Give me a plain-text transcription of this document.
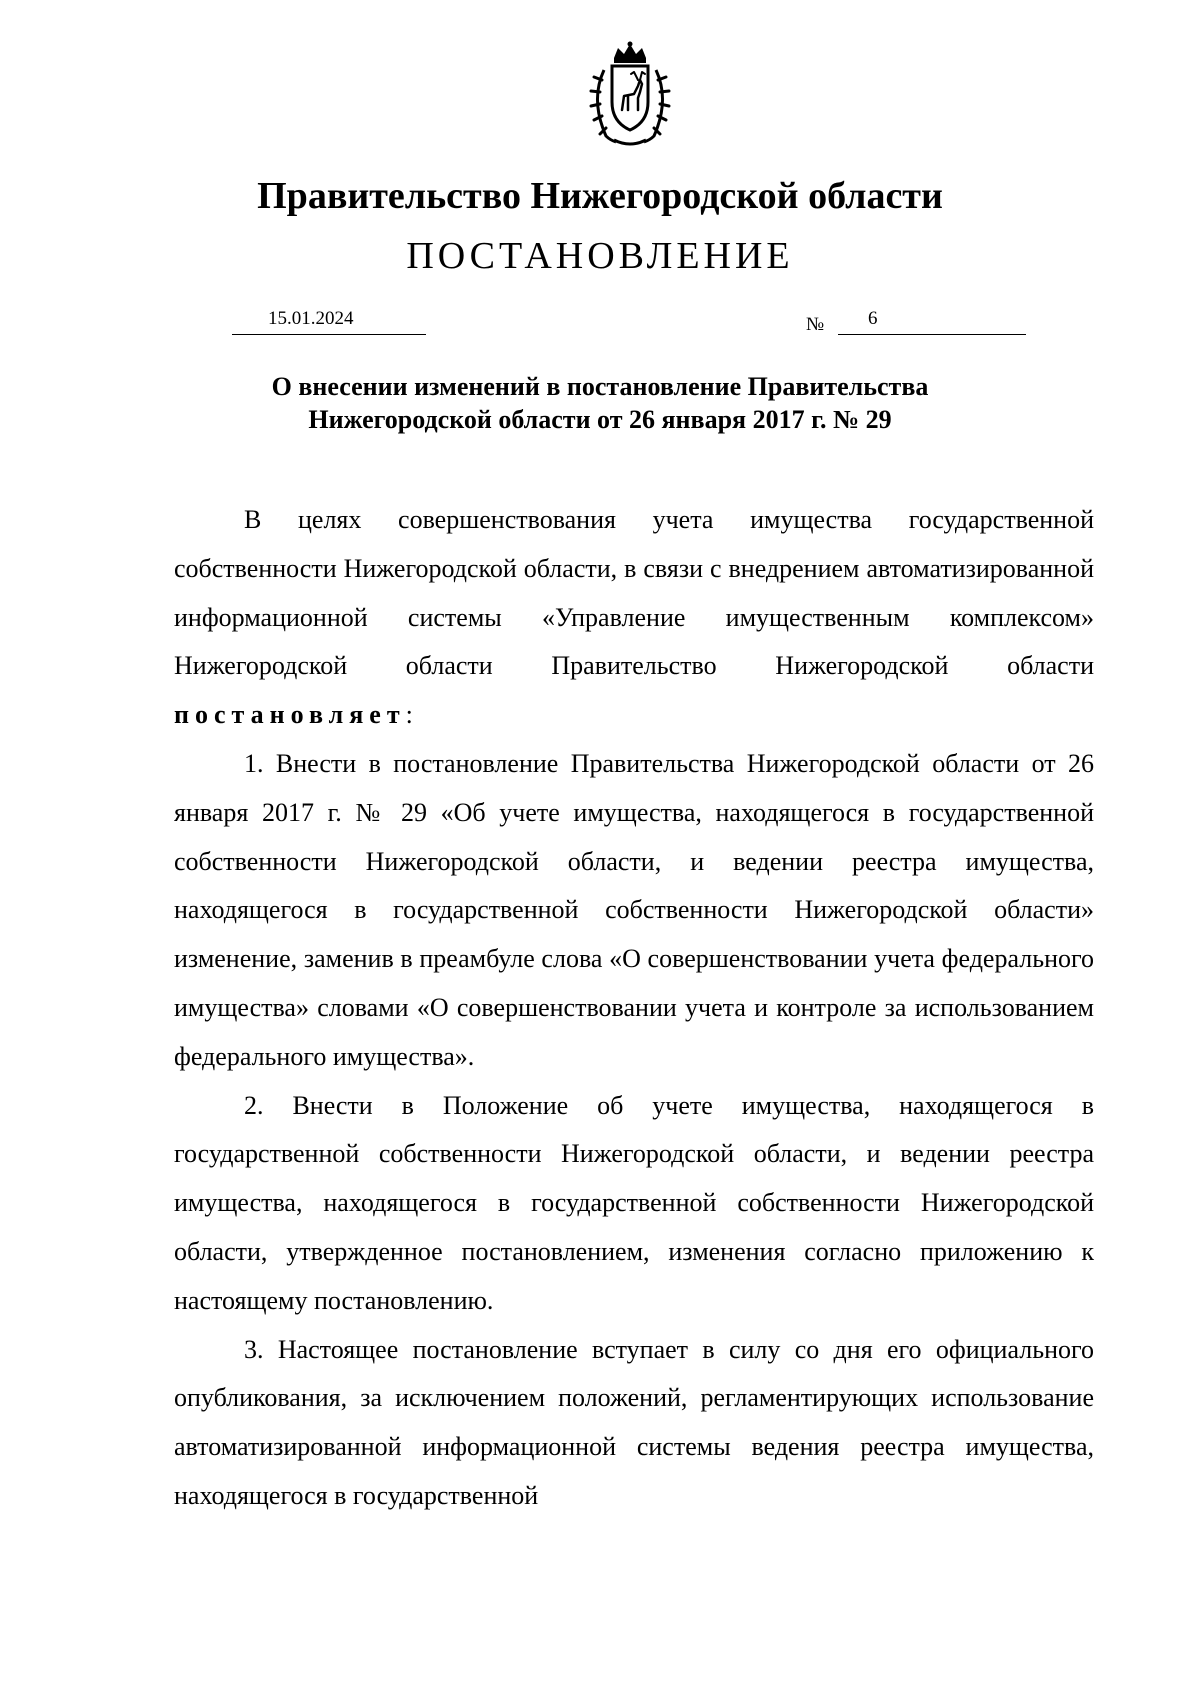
Правительство Нижегородской области
ПОСТАНОВЛЕНИЕ
15.01.2024	№	6
О внесении изменений в постановление Правительства
Нижегородской области от 26 января 2017 г. № 29

В целях совершенствования учета имущества государственной собственности Нижегородской области, в связи с внедрением автоматизированной информационной системы «Управление имущественным комплексом» Нижегородской области Правительство Нижегородской области постановляет:

1. Внести в постановление Правительства Нижегородской области от 26 января 2017 г. № 29 «Об учете имущества, находящегося в государственной собственности Нижегородской области, и ведении реестра имущества, находящегося в государственной собственности Нижегородской области» изменение, заменив в преамбуле слова «О совершенствовании учета федерального имущества» словами «О совершенствовании учета и контроле за использованием федерального имущества».

2. Внести в Положение об учете имущества, находящегося в государственной собственности Нижегородской области, и ведении реестра имущества, находящегося в государственной собственности Нижегородской области, утвержденное постановлением, изменения согласно приложению к настоящему постановлению.

3. Настоящее постановление вступает в силу со дня его официального опубликования, за исключением положений, регламентирующих использование автоматизированной информационной системы ведения реестра имущества, находящегося в государственной
